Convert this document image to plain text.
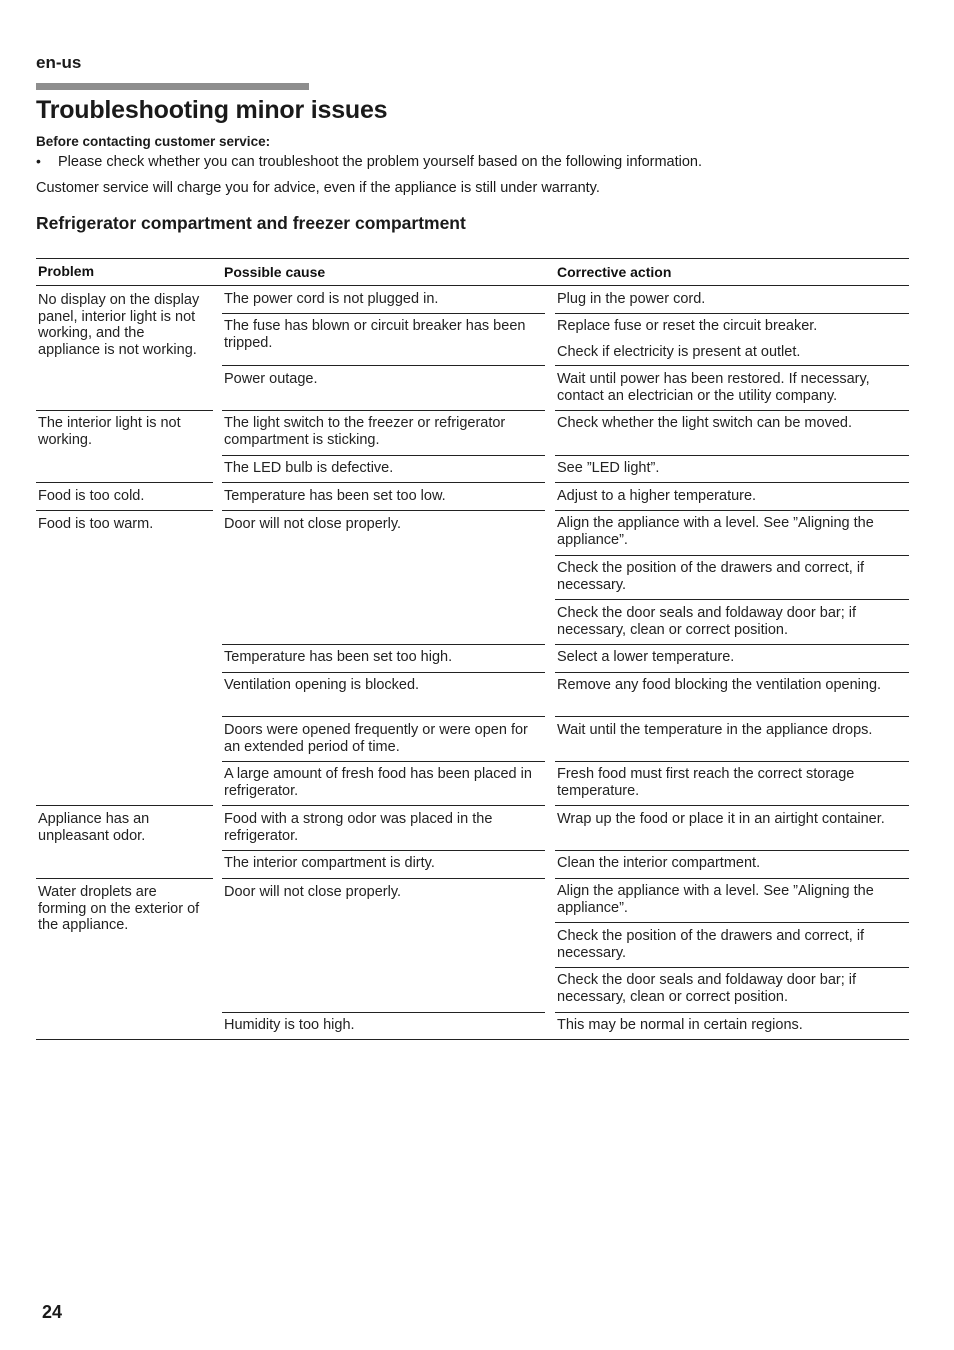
en-us
Troubleshooting minor issues
Before contacting customer service:
• Please check whether you can troubleshoot the problem yourself based on the following information.
Customer service will charge you for advice, even if the appliance is still under warranty.
Refrigerator compartment and freezer compartment
Problem	Possible cause	Corrective action
No display on the display panel, interior light is not working, and the appliance is not working.
The interior light is not working.
Food is too cold.
Food is too warm.
Appliance has an unpleasant odor.
Water droplets are forming on the exterior of the appliance.
The power cord is not plugged in.
The fuse has blown or circuit breaker has been tripped.
Power outage.
The light switch to the freezer or refrigerator compartment is sticking.
The LED bulb is defective.
Temperature has been set too low.
Door will not close properly.
Temperature has been set too high.
Ventilation opening is blocked.
Doors were opened frequently or were open for an extended period of time.
A large amount of fresh food has been placed in refrigerator.
Food with a strong odor was placed in the refrigerator.
The interior compartment is dirty.
Door will not close properly.
Humidity is too high.
Plug in the power cord.
Replace fuse or reset the circuit breaker.
Check if electricity is present at outlet.
Wait until power has been restored. If necessary, contact an electrician or the utility company.
Check whether the light switch can be moved.
See ”LED light”.
Adjust to a higher temperature.
Align the appliance with a level. See ”Aligning the appliance”.
Check the position of the drawers and correct, if necessary.
Check the door seals and foldaway door bar; if necessary, clean or correct position.
Select a lower temperature.
Remove any food blocking the ventilation opening.
Wait until the temperature in the appliance drops.
Fresh food must first reach the correct storage temperature.
Wrap up the food or place it in an airtight container.
Clean the interior compartment.
Align the appliance with a level. See ”Aligning the appliance”.
Check the position of the drawers and correct, if necessary.
Check the door seals and foldaway door bar; if necessary, clean or correct position.
This may be normal in certain regions.
24
